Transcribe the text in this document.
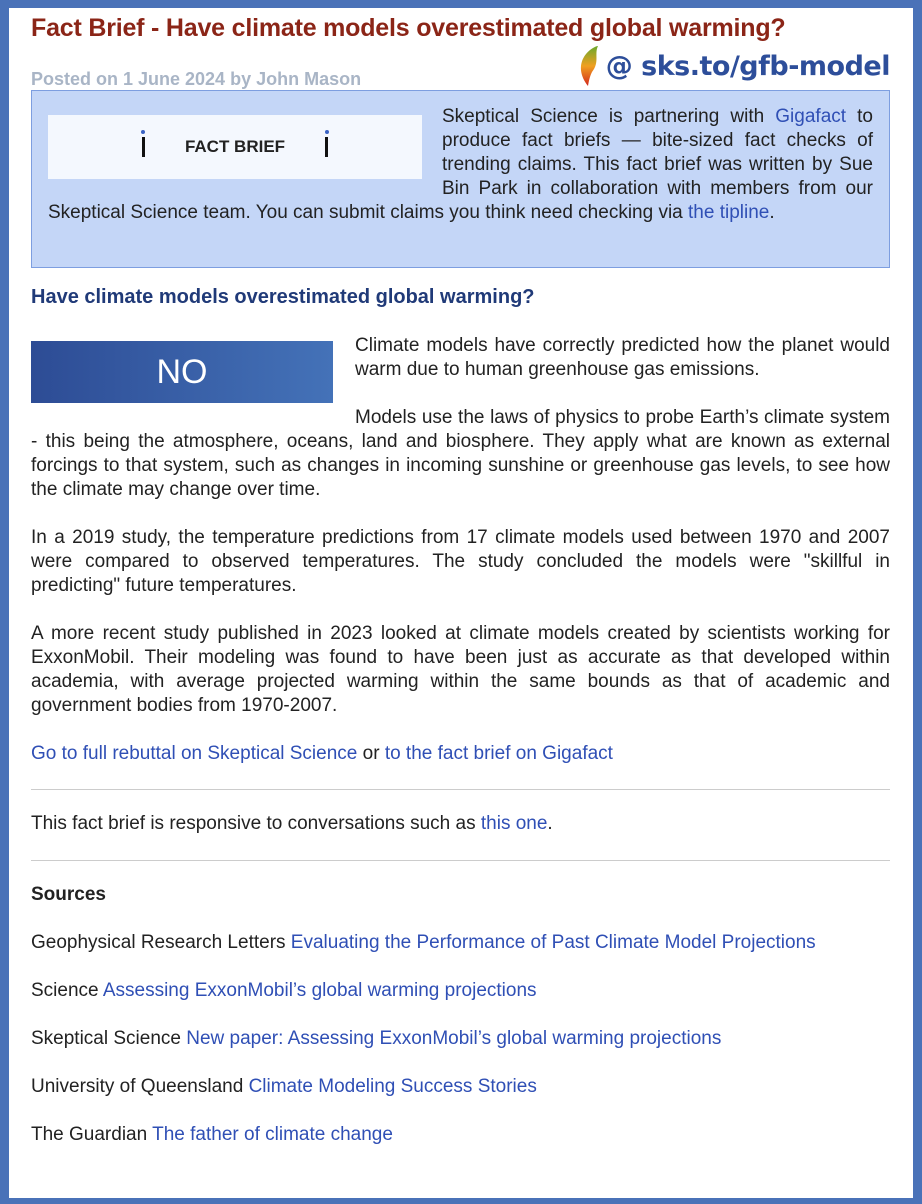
Fact Brief - Have climate models overestimated global warming?
@ sks.to/gfb-model
Posted on 1 June 2024 by John Mason
FACT BRIEF

Skeptical Science is partnering with Gigafact to produce fact briefs — bite-sized fact checks of trending claims. This fact brief was written by Sue Bin Park in collaboration with members from our Skeptical Science team. You can submit claims you think need checking via the tipline.

Have climate models overestimated global warming?
NO

Climate models have correctly predicted how the planet would warm due to human greenhouse gas emissions.

Models use the laws of physics to probe Earth’s climate system - this being the atmosphere, oceans, land and biosphere. They apply what are known as external forcings to that system, such as changes in incoming sunshine or greenhouse gas levels, to see how the climate may change over time.

In a 2019 study, the temperature predictions from 17 climate models used between 1970 and 2007 were compared to observed temperatures. The study concluded the models were "skillful in predicting" future temperatures.

A more recent study published in 2023 looked at climate models created by scientists working for ExxonMobil. Their modeling was found to have been just as accurate as that developed within academia, with average projected warming within the same bounds as that of academic and government bodies from 1970-2007.

Go to full rebuttal on Skeptical Science or to the fact brief on Gigafact

This fact brief is responsive to conversations such as this one.

Sources

Geophysical Research Letters Evaluating the Performance of Past Climate Model Projections

Science Assessing ExxonMobil’s global warming projections

Skeptical Science New paper: Assessing ExxonMobil’s global warming projections

University of Queensland Climate Modeling Success Stories

The Guardian The father of climate change
